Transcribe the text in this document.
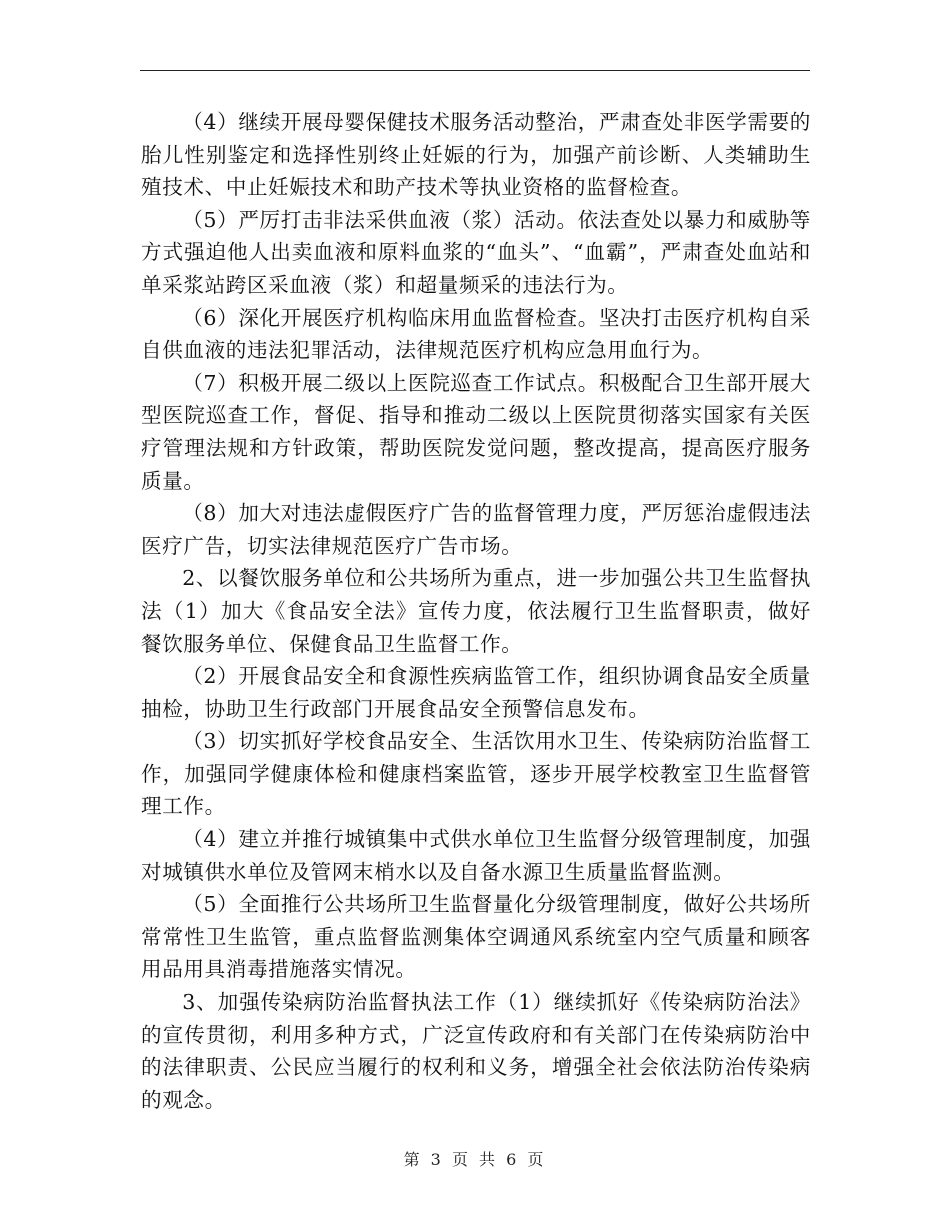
（4）继续开展母婴保健技术服务活动整治，严肃查处非医学需要的胎儿性别鉴定和选择性别终止妊娠的行为，加强产前诊断、人类辅助生殖技术、中止妊娠技术和助产技术等执业资格的监督检查。

（5）严厉打击非法采供血液（浆）活动。依法查处以暴力和威胁等方式强迫他人出卖血液和原料血浆的“血头”、“血霸”，严肃查处血站和单采浆站跨区采血液（浆）和超量频采的违法行为。

（6）深化开展医疗机构临床用血监督检查。坚决打击医疗机构自采自供血液的违法犯罪活动，法律规范医疗机构应急用血行为。

（7）积极开展二级以上医院巡查工作试点。积极配合卫生部开展大型医院巡查工作，督促、指导和推动二级以上医院贯彻落实国家有关医疗管理法规和方针政策，帮助医院发觉问题，整改提高，提高医疗服务质量。

（8）加大对违法虚假医疗广告的监督管理力度，严厉惩治虚假违法医疗广告，切实法律规范医疗广告市场。

2、以餐饮服务单位和公共场所为重点，进一步加强公共卫生监督执法（1）加大《食品安全法》宣传力度，依法履行卫生监督职责，做好餐饮服务单位、保健食品卫生监督工作。

（2）开展食品安全和食源性疾病监管工作，组织协调食品安全质量抽检，协助卫生行政部门开展食品安全预警信息发布。

（3）切实抓好学校食品安全、生活饮用水卫生、传染病防治监督工作，加强同学健康体检和健康档案监管，逐步开展学校教室卫生监督管理工作。

（4）建立并推行城镇集中式供水单位卫生监督分级管理制度，加强对城镇供水单位及管网末梢水以及自备水源卫生质量监督监测。

（5）全面推行公共场所卫生监督量化分级管理制度，做好公共场所常常性卫生监管，重点监督监测集体空调通风系统室内空气质量和顾客用品用具消毒措施落实情况。

3、加强传染病防治监督执法工作（1）继续抓好《传染病防治法》的宣传贯彻，利用多种方式，广泛宣传政府和有关部门在传染病防治中的法律职责、公民应当履行的权利和义务，增强全社会依法防治传染病的观念。

第 3 页 共 6 页
